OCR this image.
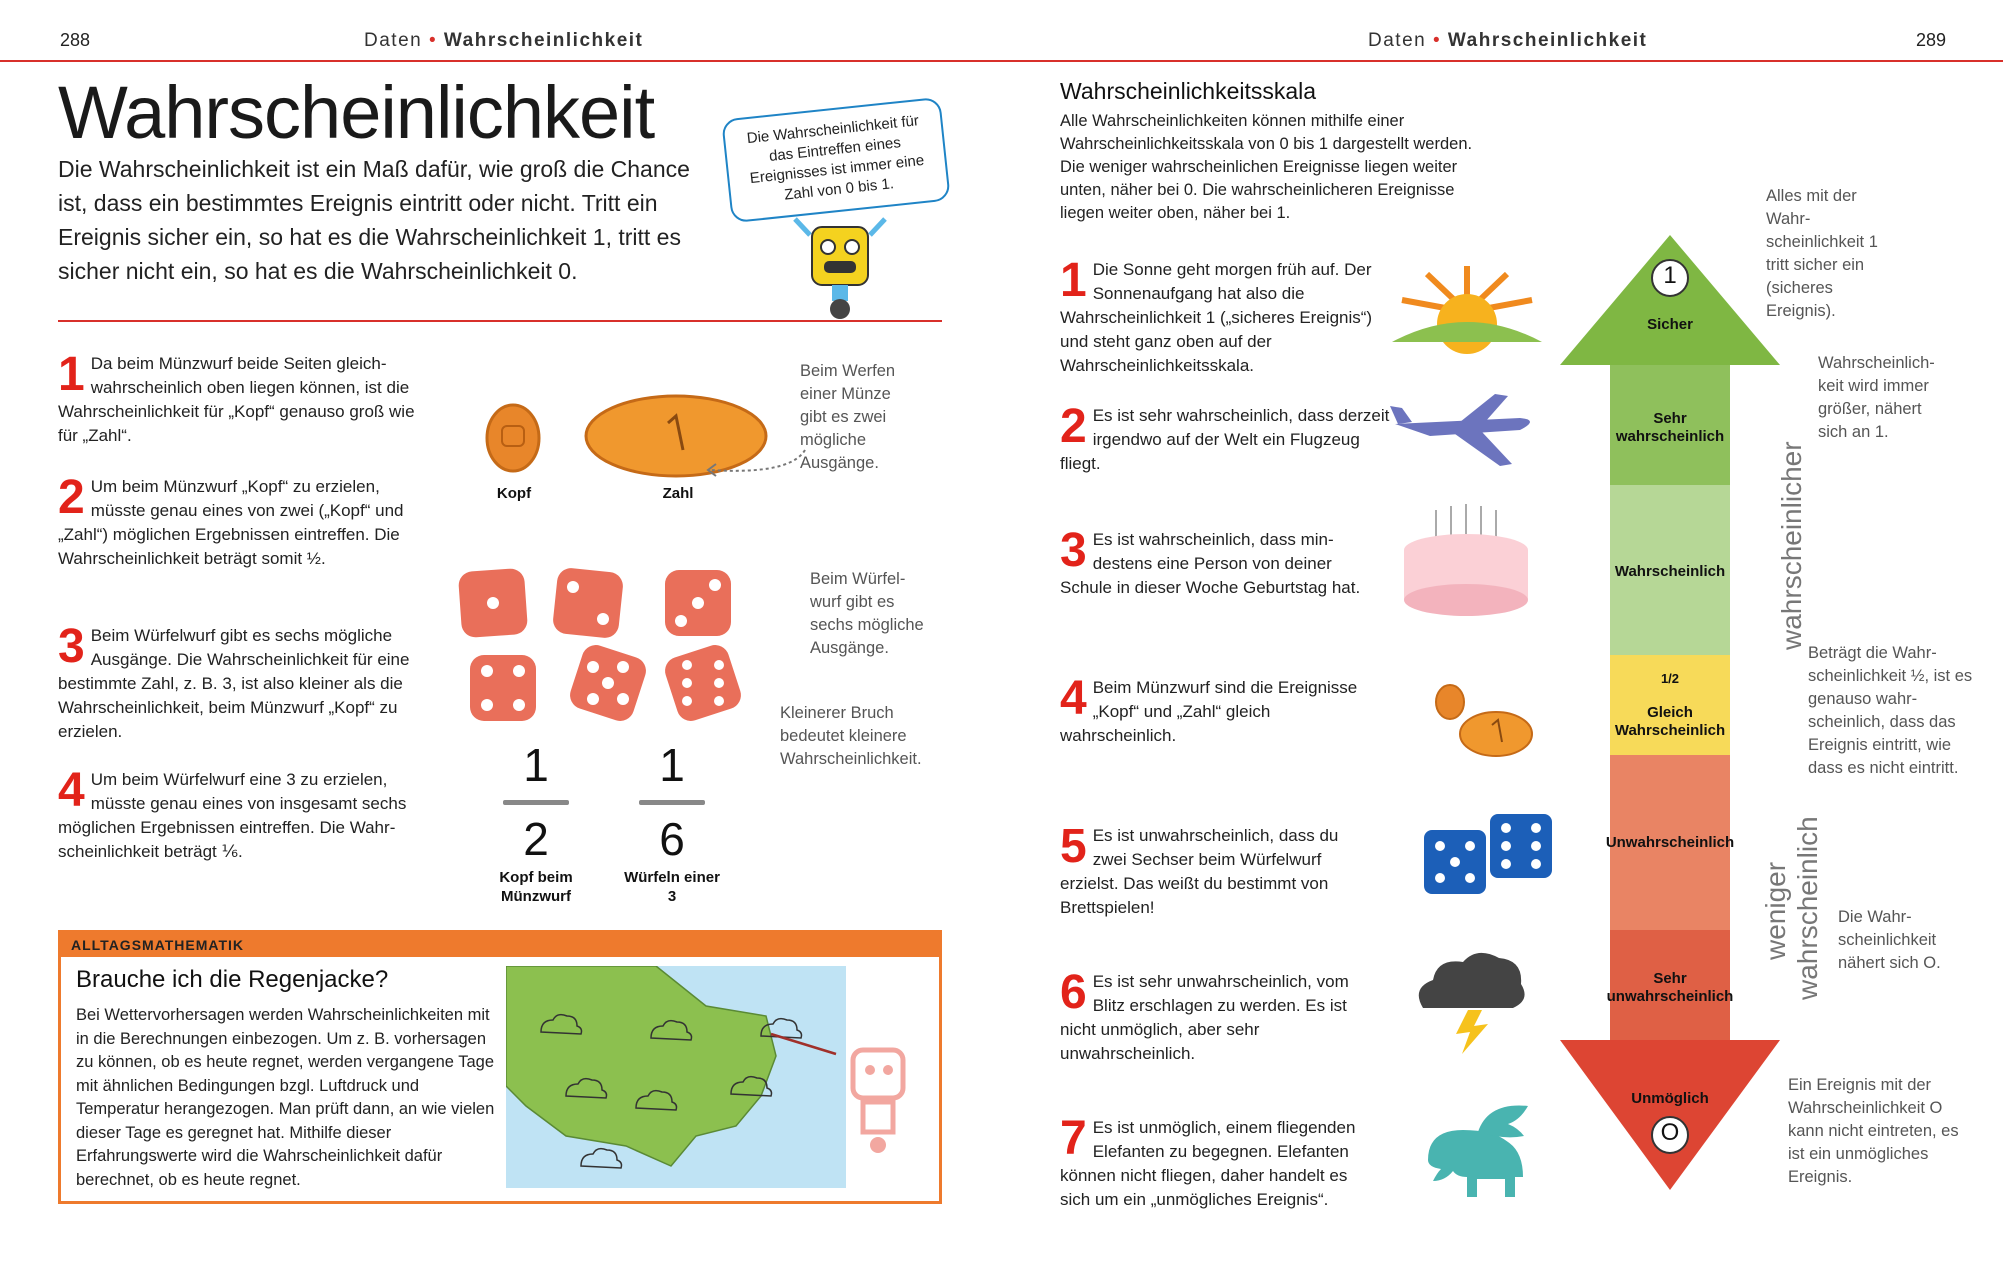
288	Daten • Wahrscheinlichkeit	Daten • Wahrscheinlichkeit	289
Wahrscheinlichkeit
Die Wahrscheinlichkeit ist ein Maß dafür, wie groß die Chance ist, dass ein bestimmtes Ereignis eintritt oder nicht. Tritt ein Ereignis sicher ein, so hat es die Wahrscheinlichkeit 1, tritt es sicher nicht ein, so hat es die Wahrscheinlichkeit 0.
Die Wahrscheinlichkeit für das Eintreffen eines Ereignisses ist immer eine Zahl von 0 bis 1.
1 Da beim Münzwurf beide Seiten gleichwahrscheinlich oben liegen können, ist die Wahrscheinlichkeit für „Kopf“ genauso groß wie für „Zahl“.
2 Um beim Münzwurf „Kopf“ zu erzielen, müsste genau eines von zwei („Kopf“ und „Zahl“) möglichen Ergebnissen eintreffen. Die Wahrscheinlichkeit beträgt somit ½.
3 Beim Würfelwurf gibt es sechs mögliche Ausgänge. Die Wahrscheinlichkeit für eine bestimmte Zahl, z. B. 3, ist also kleiner als die Wahrscheinlichkeit, beim Münzwurf „Kopf“ zu erzielen.
4 Um beim Würfelwurf eine 3 zu erzielen, müsste genau eines von insgesamt sechs möglichen Ergebnissen eintreffen. Die Wahrscheinlichkeit beträgt ⅙.
Kopf	Zahl
Beim Werfen einer Münze gibt es zwei mögliche Ausgänge.
Beim Würfelwurf gibt es sechs mögliche Ausgänge.
Kleinerer Bruch bedeutet kleinere Wahrscheinlichkeit.
1
2
Kopf beim Münzwurf
1
6
Würfeln einer 3
ALLTAGSMATHEMATIK
Brauche ich die Regenjacke?
Bei Wettervorhersagen werden Wahrscheinlichkeiten mit in die Berechnungen einbezogen. Um z. B. vorhersagen zu können, ob es heute regnet, werden vergangene Tage mit ähnlichen Bedingungen bzgl. Luftdruck und Temperatur herangezogen. Man prüft dann, an wie vielen dieser Tage es geregnet hat. Mithilfe dieser Erfahrungswerte wird die Wahrscheinlichkeit dafür berechnet, ob es heute regnet.
Wahrscheinlichkeitsskala
Alle Wahrscheinlichkeiten können mithilfe einer Wahrscheinlichkeitsskala von 0 bis 1 dargestellt werden. Die weniger wahrscheinlichen Ereignisse liegen weiter unten, näher bei 0. Die wahrscheinlicheren Ereignisse liegen weiter oben, näher bei 1.
1 Die Sonne geht morgen früh auf. Der Sonnenaufgang hat also die Wahrscheinlichkeit 1 („sicheres Ereignis“) und steht ganz oben auf der Wahrscheinlichkeitsskala.
2 Es ist sehr wahrscheinlich, dass derzeit irgendwo auf der Welt ein Flugzeug fliegt.
3 Es ist wahrscheinlich, dass mindestens eine Person von deiner Schule in dieser Woche Geburtstag hat.
4 Beim Münzwurf sind die Ereignisse „Kopf“ und „Zahl“ gleich wahrscheinlich.
5 Es ist unwahrscheinlich, dass du zwei Sechser beim Würfelwurf erzielst. Das weißt du bestimmt von Brettspielen!
6 Es ist sehr unwahrscheinlich, vom Blitz erschlagen zu werden. Es ist nicht unmöglich, aber sehr unwahrscheinlich.
7 Es ist unmöglich, einem fliegenden Elefanten zu begegnen. Elefanten können nicht fliegen, daher handelt es sich um ein „unmögliches Ereignis“.
1
O
Sicher
Sehr wahrscheinlich
Wahrscheinlich
1/2
Gleich Wahrscheinlich
Unwahrscheinlich
Sehr unwahrscheinlich
Unmöglich
wahrscheinlicher
weniger wahrscheinlich
Alles mit der Wahrscheinlichkeit 1 tritt sicher ein (sicheres Ereignis).
Wahrscheinlichkeit wird immer größer, nähert sich an 1.
Beträgt die Wahrscheinlichkeit ½, ist es genauso wahrscheinlich, dass das Ereignis eintritt, wie dass es nicht eintritt.
Die Wahrscheinlichkeit nähert sich O.
Ein Ereignis mit der Wahrscheinlichkeit O kann nicht eintreten, es ist ein unmögliches Ereignis.
